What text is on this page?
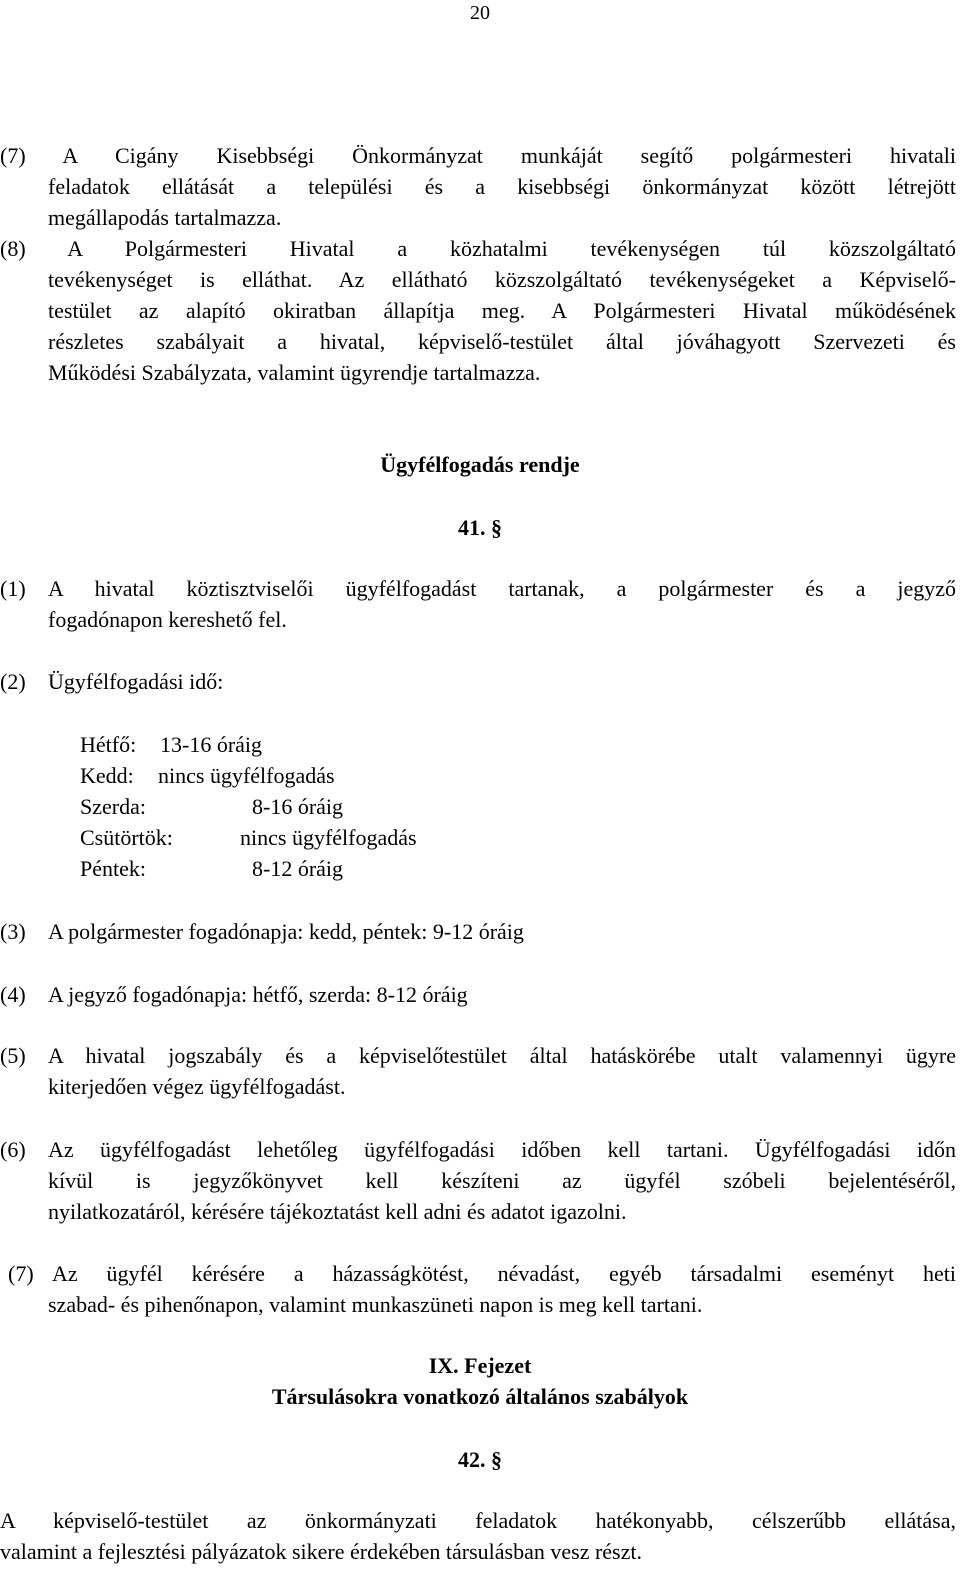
20
(7) A Cigány Kisebbségi Önkormányzat munkáját segítő polgármesteri hivatali
feladatok ellátását a települési és a kisebbségi önkormányzat között létrejött
megállapodás tartalmazza.
(8) A Polgármesteri Hivatal a közhatalmi tevékenységen túl közszolgáltató
tevékenységet is elláthat. Az ellátható közszolgáltató tevékenységeket a Képviselő-
testület az alapító okiratban állapítja meg. A Polgármesteri Hivatal működésének
részletes szabályait a hivatal, képviselő-testület által jóváhagyott Szervezeti és
Működési Szabályzata, valamint ügyrendje tartalmazza.
Ügyfélfogadás rendje
41. §
(1) A hivatal köztisztviselői ügyfélfogadást tartanak, a polgármester és a jegyző
fogadónapon kereshető fel.
(2) Ügyfélfogadási idő:
Hétfő: 13-16 óráig
Kedd: nincs ügyfélfogadás
Szerda:	8-16 óráig
Csütörtök:	nincs ügyfélfogadás
Péntek:	8-12 óráig
(3) A polgármester fogadónapja: kedd, péntek: 9-12 óráig
(4) A jegyző fogadónapja: hétfő, szerda: 8-12 óráig
(5) A hivatal jogszabály és a képviselőtestület által hatáskörébe utalt valamennyi ügyre
kiterjedően végez ügyfélfogadást.
(6) Az ügyfélfogadást lehetőleg ügyfélfogadási időben kell tartani. Ügyfélfogadási időn
kívül is jegyzőkönyvet kell készíteni az ügyfél szóbeli bejelentéséről,
nyilatkozatáról, kérésére tájékoztatást kell adni és adatot igazolni.
(7) Az ügyfél kérésére a házasságkötést, névadást, egyéb társadalmi eseményt heti
szabad- és pihenőnapon, valamint munkaszüneti napon is meg kell tartani.
IX. Fejezet
Társulásokra vonatkozó általános szabályok
42. §
A képviselő-testület az önkormányzati feladatok hatékonyabb, célszerűbb ellátása,
valamint a fejlesztési pályázatok sikere érdekében társulásban vesz részt.
